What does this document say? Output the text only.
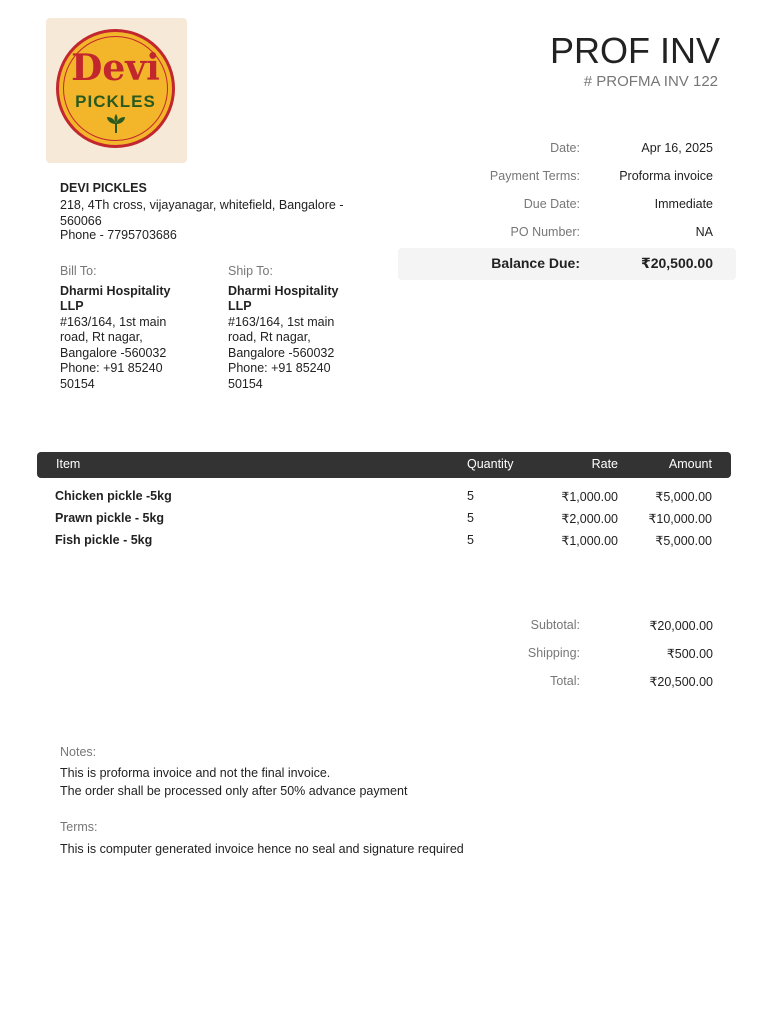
Devi
PICKLES
PROF INV
# PROFMA INV 122
DEVI PICKLES
218, 4Th cross, vijayanagar, whitefield, Bangalore - 560066
Phone - 7795703686
Date:	Apr 16, 2025
Payment Terms:	Proforma invoice
Due Date:	Immediate
PO Number:	NA
Balance Due:	₹20,500.00
Bill To:
Dharmi Hospitality LLP
#163/164, 1st main road, Rt nagar, Bangalore -560032 Phone: +91 85240 50154
Ship To:
Dharmi Hospitality LLP
#163/164, 1st main road, Rt nagar, Bangalore -560032 Phone: +91 85240 50154
Item	Quantity	Rate	Amount
Chicken pickle -5kg	5	₹1,000.00	₹5,000.00
Prawn pickle - 5kg	5	₹2,000.00 ₹10,000.00
Fish pickle - 5kg	5	₹1,000.00	₹5,000.00
Subtotal:	₹20,000.00
Shipping:	₹500.00
Total:	₹20,500.00
Notes:
This is proforma invoice and not the final invoice.
The order shall be processed only after 50% advance payment
Terms:
This is computer generated invoice hence no seal and signature required
